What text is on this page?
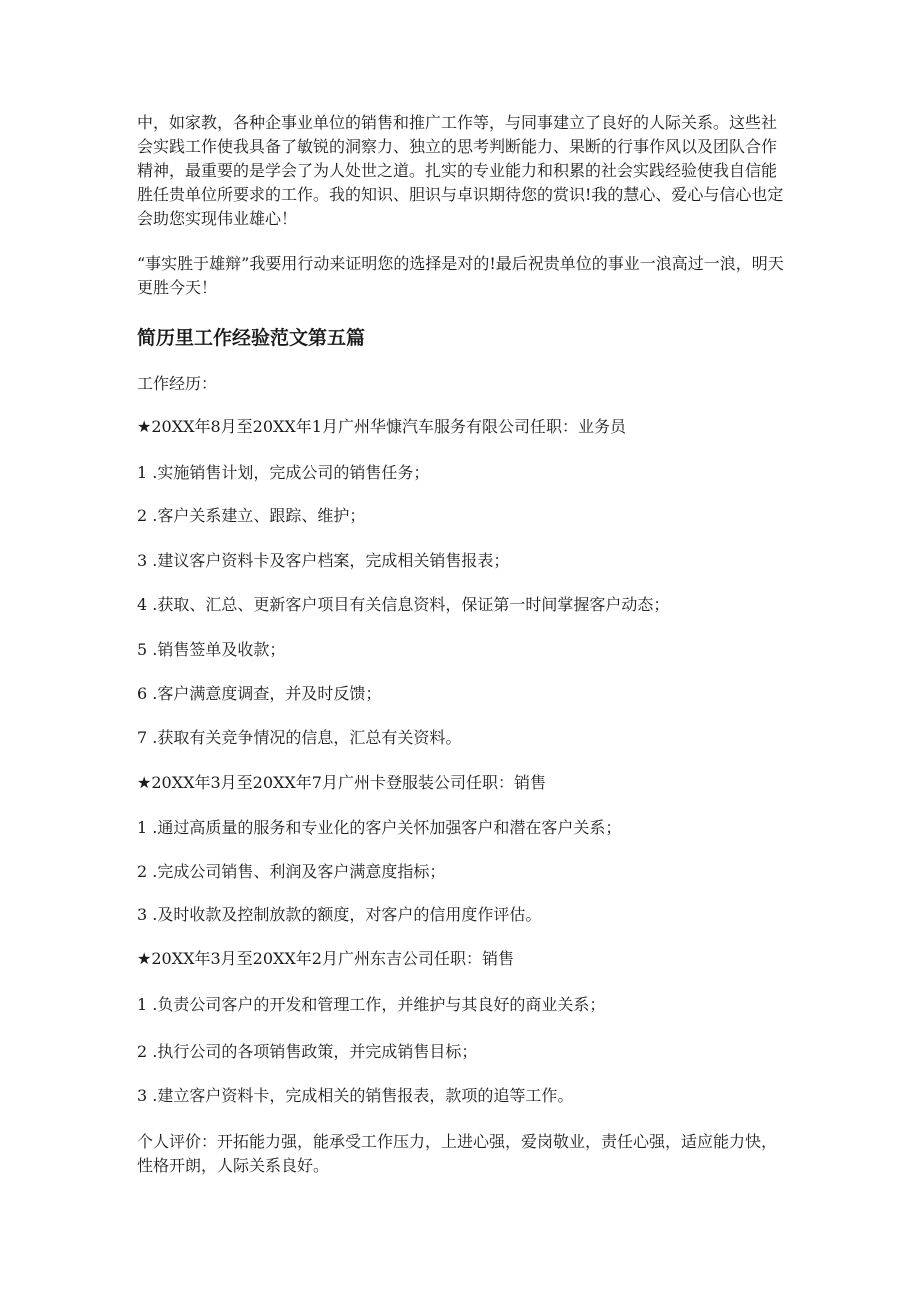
中，如家教，各种企事业单位的销售和推广工作等，与同事建立了良好的人际关系。这些社会实践工作使我具备了敏锐的洞察力、独立的思考判断能力、果断的行事作风以及团队合作精神，最重要的是学会了为人处世之道。扎实的专业能力和积累的社会实践经验使我自信能胜任贵单位所要求的工作。我的知识、胆识与卓识期待您的赏识!我的慧心、爱心与信心也定会助您实现伟业雄心！

“事实胜于雄辩”我要用行动来证明您的选择是对的!最后祝贵单位的事业一浪高过一浪，明天更胜今天！

简历里工作经验范文第五篇

工作经历：

★20XX年8月至20XX年1月广州华慷汽车服务有限公司任职：业务员

1 .实施销售计划，完成公司的销售任务；

2 .客户关系建立、跟踪、维护；

3 .建议客户资料卡及客户档案，完成相关销售报表；

4 .获取、汇总、更新客户项目有关信息资料，保证第一时间掌握客户动态；

5 .销售签单及收款；

6 .客户满意度调查，并及时反馈；

7 .获取有关竞争情况的信息，汇总有关资料。

★20XX年3月至20XX年7月广州卡登服装公司任职：销售

1 .通过高质量的服务和专业化的客户关怀加强客户和潜在客户关系；

2 .完成公司销售、利润及客户满意度指标；

3 .及时收款及控制放款的额度，对客户的信用度作评估。

★20XX年3月至20XX年2月广州东吉公司任职：销售

1 .负责公司客户的开发和管理工作，并维护与其良好的商业关系；

2 .执行公司的各项销售政策，并完成销售目标；

3 .建立客户资料卡，完成相关的销售报表，款项的追等工作。

个人评价：开拓能力强，能承受工作压力，上进心强，爱岗敬业，责任心强，适应能力快，性格开朗，人际关系良好。
